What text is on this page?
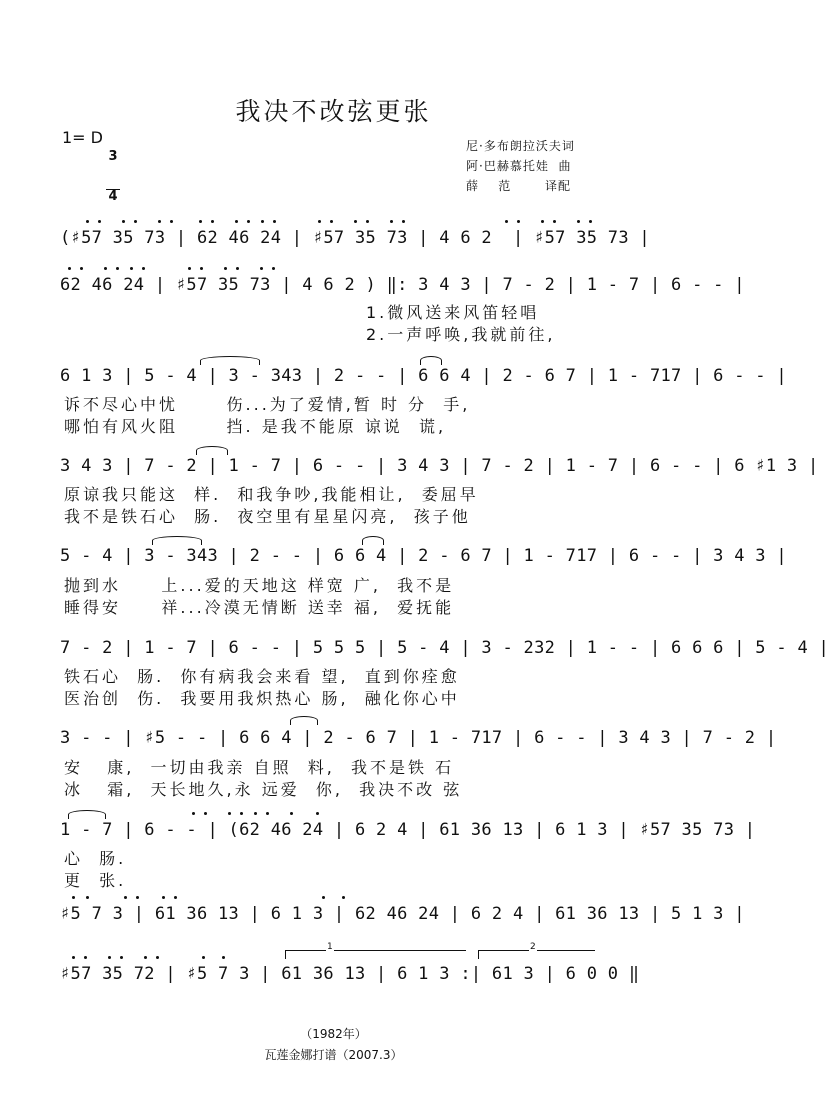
我决不改弦更张
1= D

$\frac{3}{4}$	尼·多布朗拉沃夫词
阿·巴赫慕托娃  曲
薛    范       译配
(♯57 35 73 | 62 46 24 | ♯57 35 73 | 4 6 2  | ♯57 35 73 |
62 46 24 | ♯57 35 73 | 4 6 2 ) ‖: 3 4 3 | 7 - 2 | 1 - 7 | 6 - - |
1.微风送来风笛轻唱
2.一声呼唤,我就前往,
6 1 3 | 5 - 4 | 3 - 343 | 2 - - | 6 6 4 | 2 - 6 7 | 1 - 717 | 6 - - |
诉不尽心中忧      伤...为了爱情,暂 时 分  手,
哪怕有风火阻      挡. 是我不能原 谅说  谎,
3 4 3 | 7 - 2 | 1 - 7 | 6 - - | 3 4 3 | 7 - 2 | 1 - 7 | 6 - - | 6 ♯1 3 |
原谅我只能这  样.  和我争吵,我能相让,  委屈早
我不是铁石心  肠.  夜空里有星星闪亮,  孩子他
5 - 4 | 3 - 343 | 2 - - | 6 6 4 | 2 - 6 7 | 1 - 717 | 6 - - | 3 4 3 |
抛到水     上...爱的天地这 样宽 广,  我不是
睡得安     祥...冷漠无情断 送幸 福,  爱抚能
7 - 2 | 1 - 7 | 6 - - | 5 5 5 | 5 - 4 | 3 - 232 | 1 - - | 6 6 6 | 5 - 4 |
铁石心  肠.  你有病我会来看 望,  直到你痊愈
医治创  伤.  我要用我炽热心 肠,  融化你心中
3 - - | ♯5 - - | 6 6 4 | 2 - 6 7 | 1 - 717 | 6 - - | 3 4 3 | 7 - 2 |
安   康,  一切由我亲 自照  料,  我不是铁 石
冰   霜,  天长地久,永 远爱  你,  我决不改 弦
1 - 7 | 6 - - | (62 46 24 | 6 2 4 | 61 36 13 | 6 1 3 | ♯57 35 73 |
心  肠.
更  张.
♯5 7 3 | 61 36 13 | 6 1 3 | 62 46 24 | 6 2 4 | 61 36 13 | 5 1 3 |
♯57 35 72 | ♯5 7 3 | 61 36 13 | 6 1 3 :| 61 3 | 6 0 0 ‖
1	2
（1982年）
瓦莲金娜打谱（2007.3）
